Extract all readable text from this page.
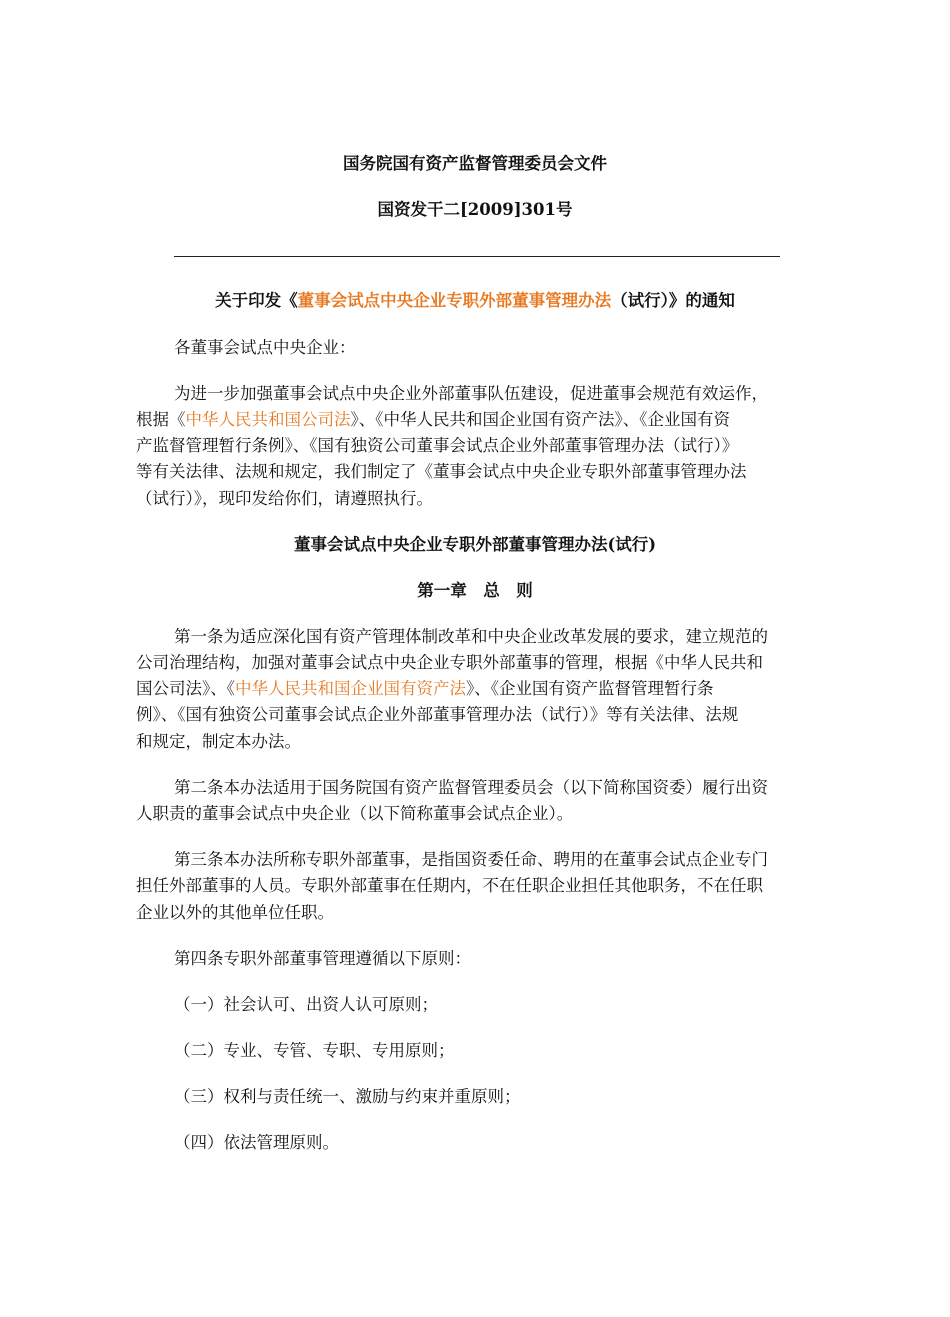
国务院国有资产监督管理委员会文件
国资发干二[2009]301号
关于印发《董事会试点中央企业专职外部董事管理办法（试行）》的通知
各董事会试点中央企业：
为进一步加强董事会试点中央企业外部董事队伍建设，促进董事会规范有效运作，
根据《中华人民共和国公司法》、《中华人民共和国企业国有资产法》、《企业国有资
产监督管理暂行条例》、《国有独资公司董事会试点企业外部董事管理办法（试行）》
等有关法律、法规和规定，我们制定了《董事会试点中央企业专职外部董事管理办法
（试行）》，现印发给你们，请遵照执行。
董事会试点中央企业专职外部董事管理办法(试行)
第一章　总　则
第一条为适应深化国有资产管理体制改革和中央企业改革发展的要求，建立规范的
公司治理结构，加强对董事会试点中央企业专职外部董事的管理，根据《中华人民共和
国公司法》、《中华人民共和国企业国有资产法》、《企业国有资产监督管理暂行条
例》、《国有独资公司董事会试点企业外部董事管理办法（试行）》等有关法律、法规
和规定，制定本办法。
第二条本办法适用于国务院国有资产监督管理委员会（以下简称国资委）履行出资
人职责的董事会试点中央企业（以下简称董事会试点企业）。
第三条本办法所称专职外部董事，是指国资委任命、聘用的在董事会试点企业专门
担任外部董事的人员。专职外部董事在任期内，不在任职企业担任其他职务，不在任职
企业以外的其他单位任职。
第四条专职外部董事管理遵循以下原则：
（一）社会认可、出资人认可原则；
（二）专业、专管、专职、专用原则；
（三）权利与责任统一、激励与约束并重原则；
（四）依法管理原则。
